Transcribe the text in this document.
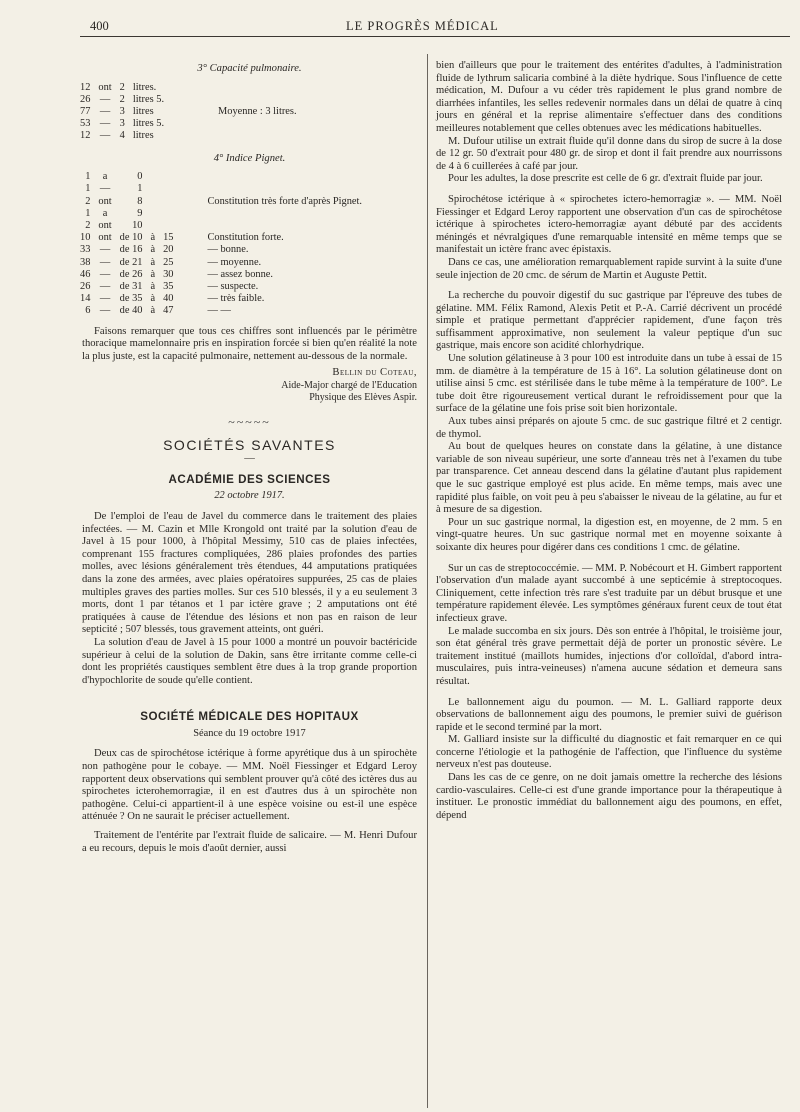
400	LE PROGRÈS MÉDICAL
3° Capacité pulmonaire.
12	ont	2	litres.	
26	—	2	litres 5.	
77	—	3	litres	Moyenne : 3 litres.
53	—	3	litres 5.	
12	—	4	litres	
4° Indice Pignet.
1	a	0			
1	—	1			
2	ont	8			Constitution très forte d'après Pignet.
1	a	9			
2	ont	10			
10	ont	de 10	à	15	Constitution forte.
33	—	de 16	à	20	— bonne.
38	—	de 21	à	25	— moyenne.
46	—	de 26	à	30	— assez bonne.
26	—	de 31	à	35	— suspecte.
14	—	de 35	à	40	— très faible.
6	—	de 40	à	47	— —

Faisons remarquer que tous ces chiffres sont influencés par le périmètre thoracique mamelonnaire pris en inspiration forcée si bien qu'en réalité la note la plus juste, est la capacité pulmonaire, nettement au-dessous de la normale.

Bellin du Coteau,

Aide-Major chargé de l'Education

Physique des Elèves Aspir.

~~~~~
SOCIÉTÉS SAVANTES
—
ACADÉMIE DES SCIENCES
22 octobre 1917.

De l'emploi de l'eau de Javel du commerce dans le traitement des plaies infectées. — M. Cazin et Mlle Krongold ont traité par la solution d'eau de Javel à 15 pour 1000, à l'hôpital Messimy, 510 cas de plaies infectées, comprenant 155 fractures compliquées, 286 plaies profondes des parties molles, avec lésions généralement très étendues, 44 amputations pratiquées dans la zone des armées, avec plaies opératoires suppurées, 25 cas de plaies multiples graves des parties molles. Sur ces 510 blessés, il y a eu seulement 3 morts, dont 1 par tétanos et 1 par ictère grave ; 2 amputations ont été pratiquées à cause de l'étendue des lésions et non pas en raison de leur septicité ; 507 blessés, tous gravement atteints, ont guéri.

La solution d'eau de Javel à 15 pour 1000 a montré un pouvoir bactéricide supérieur à celui de la solution de Dakin, sans être irritante comme celle-ci dont les propriétés caustiques semblent être dues à la trop grande proportion d'hypochlorite de soude qu'elle contient.

SOCIÉTÉ MÉDICALE DES HOPITAUX
Séance du 19 octobre 1917

Deux cas de spirochétose ictérique à forme apyrétique dus à un spirochète non pathogène pour le cobaye. — MM. Noël Fiessinger et Edgard Leroy rapportent deux observations qui semblent prouver qu'à côté des ictères dus au spirochetes icterohemorragiæ, il en est d'autres dus à un spirochète non pathogène. Celui-ci appartient-il à une espèce voisine ou est-il une espèce atténuée ? On ne saurait le préciser actuellement.

Traitement de l'entérite par l'extrait fluide de salicaire. — M. Henri Dufour a eu recours, depuis le mois d'août dernier, aussi

bien d'ailleurs que pour le traitement des entérites d'adultes, à l'administration fluide de lythrum salicaria combiné à la diète hydrique. Sous l'influence de cette médication, M. Dufour a vu céder très rapidement le plus grand nombre de diarrhées infantiles, les selles redevenir normales dans un délai de quatre à cinq jours en général et la reprise alimentaire s'effectuer dans des conditions meilleures notablement que celles obtenues avec les médications habituelles.

M. Dufour utilise un extrait fluide qu'il donne dans du sirop de sucre à la dose de 12 gr. 50 d'extrait pour 480 gr. de sirop et dont il fait prendre aux nourrissons de 4 à 6 cuillerées à café par jour.

Pour les adultes, la dose prescrite est celle de 6 gr. d'extrait fluide par jour.

Spirochétose ictérique à « spirochetes ictero-hemorragiæ ». — MM. Noël Fiessinger et Edgard Leroy rapportent une observation d'un cas de spirochétose ictérique à spirochetes ictero-hemorragiæ ayant débuté par des accidents méningés et névralgiques d'une remarquable intensité en même temps que se manifestait un ictère franc avec épistaxis.

Dans ce cas, une amélioration remarquablement rapide survint à la suite d'une seule injection de 20 cmc. de sérum de Martin et Auguste Pettit.

La recherche du pouvoir digestif du suc gastrique par l'épreuve des tubes de gélatine. MM. Félix Ramond, Alexis Petit et P.-A. Carrié décrivent un procédé simple et pratique permettant d'apprécier rapidement, d'une façon très suffisamment approximative, non seulement la valeur peptique d'un suc gastrique, mais encore son acidité chlorhydrique.

Une solution gélatineuse à 3 pour 100 est introduite dans un tube à essai de 15 mm. de diamètre à la température de 15 à 16°. La solution gélatineuse dont on utilise ainsi 5 cmc. est stérilisée dans le tube même à la température de 100°. Le tube doit être rigoureusement vertical durant le refroidissement pour que la surface de la gélatine une fois prise soit bien horizontale.

Aux tubes ainsi préparés on ajoute 5 cmc. de suc gastrique filtré et 2 centigr. de thymol.

Au bout de quelques heures on constate dans la gélatine, à une distance variable de son niveau supérieur, une sorte d'anneau très net à l'examen du tube par transparence. Cet anneau descend dans la gélatine d'autant plus rapidement que le suc gastrique employé est plus acide. En même temps, mais avec une rapidité plus faible, on voit peu à peu s'abaisser le niveau de la gélatine, au fur et à mesure de sa digestion.

Pour un suc gastrique normal, la digestion est, en moyenne, de 2 mm. 5 en vingt-quatre heures. Un suc gastrique normal met en moyenne soixante à soixante dix heures pour digérer dans ces conditions 1 cmc. de gélatine.

Sur un cas de streptococcémie. — MM. P. Nobécourt et H. Gimbert rapportent l'observation d'un malade ayant succombé à une septicémie à streptocoques. Cliniquement, cette infection très rare s'est traduite par un début brusque et une température rapidement élevée. Les symptômes généraux furent ceux de tout état infectieux grave.

Le malade succomba en six jours. Dès son entrée à l'hôpital, le troisième jour, son état général très grave permettait déjà de porter un pronostic sévère. Le traitement institué (maillots humides, injections d'or colloïdal, d'abord intra-musculaires, puis intra-veineuses) n'amena aucune sédation et demeura sans résultat.

Le ballonnement aigu du poumon. — M. L. Galliard rapporte deux observations de ballonnement aigu des poumons, le premier suivi de guérison rapide et le second terminé par la mort.

M. Galliard insiste sur la difficulté du diagnostic et fait remarquer en ce qui concerne l'étiologie et la pathogénie de l'affection, que l'influence du système nerveux n'est pas douteuse.

Dans les cas de ce genre, on ne doit jamais omettre la recherche des lésions cardio-vasculaires. Celle-ci est d'une grande importance pour la thérapeutique à instituer. Le pronostic immédiat du ballonnement aigu des poumons, en effet, dépend
